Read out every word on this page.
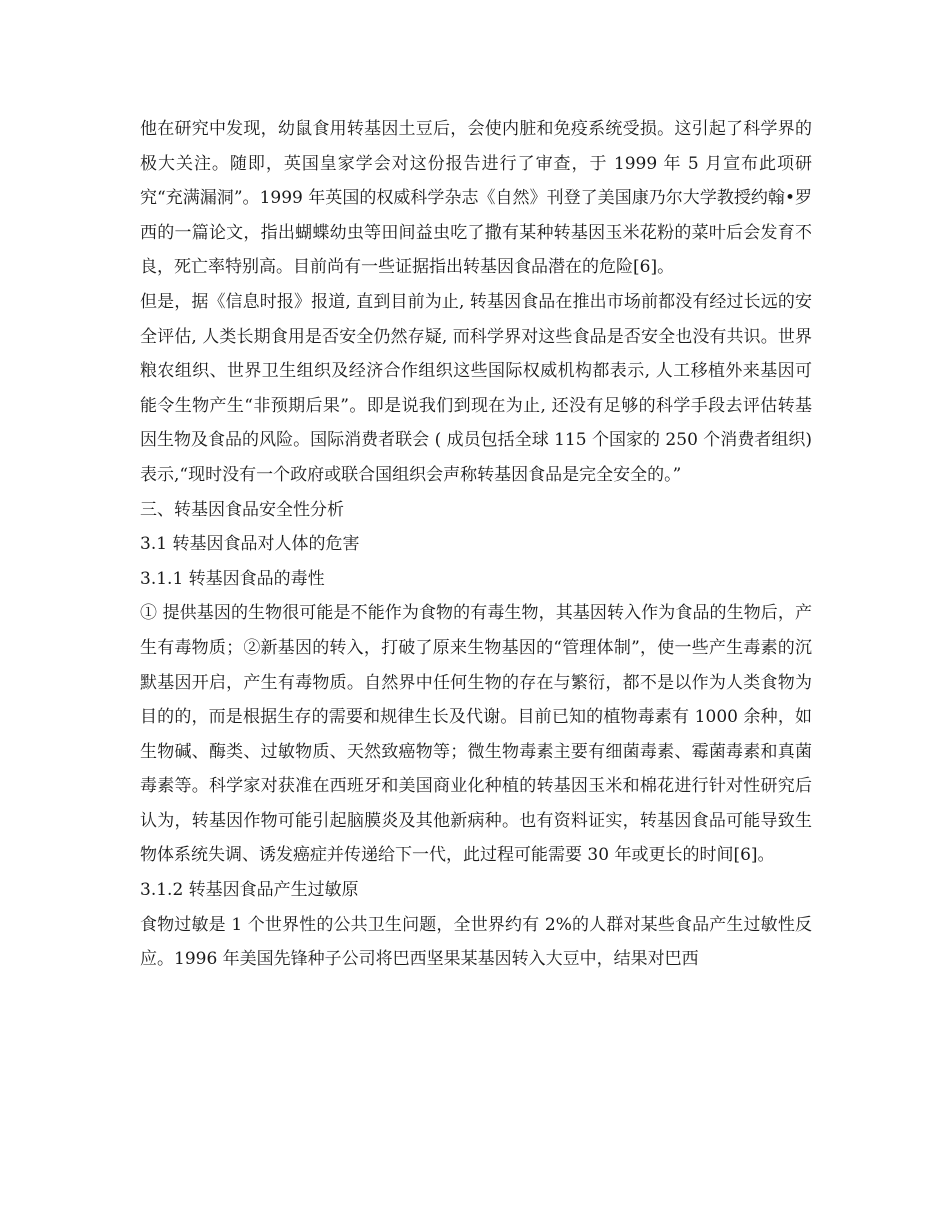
他在研究中发现，幼鼠食用转基因土豆后，会使内脏和免疫系统受损。这引起了科学界的极大关注。随即，英国皇家学会对这份报告进行了审查，于 1999 年 5 月宣布此项研究“充满漏洞”。1999 年英国的权威科学杂志《自然》刊登了美国康乃尔大学教授约翰•罗西的一篇论文，指出蝴蝶幼虫等田间益虫吃了撒有某种转基因玉米花粉的菜叶后会发育不良，死亡率特别高。目前尚有一些证据指出转基因食品潜在的危险[6]。

但是，据《信息时报》报道, 直到目前为止, 转基因食品在推出市场前都没有经过长远的安全评估, 人类长期食用是否安全仍然存疑, 而科学界对这些食品是否安全也没有共识。世界粮农组织、世界卫生组织及经济合作组织这些国际权威机构都表示, 人工移植外来基因可能令生物产生“非预期后果”。即是说我们到现在为止, 还没有足够的科学手段去评估转基因生物及食品的风险。国际消费者联会 ( 成员包括全球 115 个国家的 250 个消费者组织) 表示,“现时没有一个政府或联合国组织会声称转基因食品是完全安全的。”

三、转基因食品安全性分析
3.1 转基因食品对人体的危害
3.1.1 转基因食品的毒性

① 提供基因的生物很可能是不能作为食物的有毒生物，其基因转入作为食品的生物后，产生有毒物质；②新基因的转入，打破了原来生物基因的“管理体制”，使一些产生毒素的沉默基因开启，产生有毒物质。自然界中任何生物的存在与繁衍，都不是以作为人类食物为目的的，而是根据生存的需要和规律生长及代谢。目前已知的植物毒素有 1000 余种，如生物碱、酶类、过敏物质、天然致癌物等；微生物毒素主要有细菌毒素、霉菌毒素和真菌毒素等。科学家对获准在西班牙和美国商业化种植的转基因玉米和棉花进行针对性研究后认为，转基因作物可能引起脑膜炎及其他新病种。也有资料证实，转基因食品可能导致生物体系统失调、诱发癌症并传递给下一代，此过程可能需要 30 年或更长的时间[6]。

3.1.2 转基因食品产生过敏原

食物过敏是 1 个世界性的公共卫生问题，全世界约有 2%的人群对某些食品产生过敏性反应。1996 年美国先锋种子公司将巴西坚果某基因转入大豆中，结果对巴西
